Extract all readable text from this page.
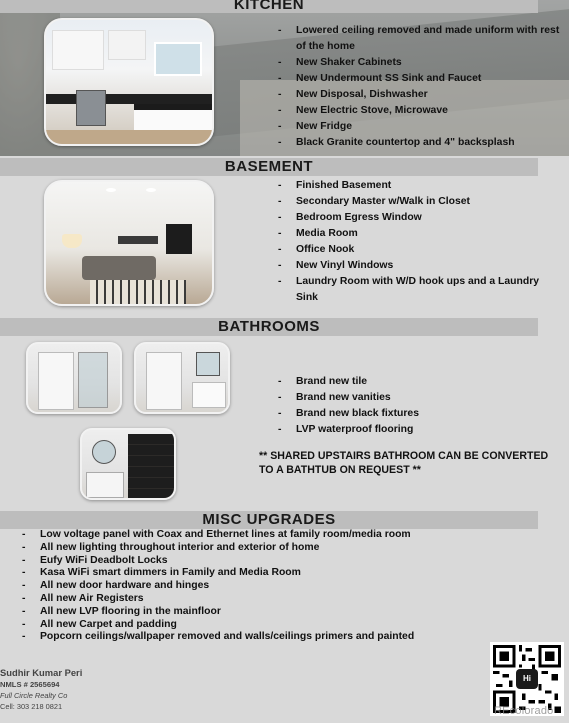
KITCHEN
- Lowered ceiling removed and made uniform with rest of the home
- New Shaker Cabinets
- New Undermount SS Sink and Faucet
- New Disposal, Dishwasher
- New Electric Stove, Microwave
- New Fridge
- Black Granite countertop and 4" backsplash
BASEMENT
- Finished Basement
- Secondary Master w/Walk in Closet
- Bedroom Egress Window
- Media Room
- Office Nook
- New Vinyl Windows
- Laundry Room with W/D hook ups and a Laundry Sink
BATHROOMS
- Brand new tile
- Brand new vanities
- Brand new black fixtures
- LVP waterproof flooring
** SHARED UPSTAIRS BATHROOM CAN BE CONVERTED TO A BATHTUB ON REQUEST **
MISC UPGRADES
- Low voltage panel with Coax and Ethernet lines at family room/media room
- All new lighting throughout interior and exterior of home
- Eufy WiFi Deadbolt Locks
- Kasa WiFi smart dimmers in Family and Media Room
- All new door hardware and hinges
- All new Air Registers
- All new LVP flooring in the mainfloor
- All new Carpet and padding
- Popcorn ceilings/wallpaper removed and walls/ceilings primers and painted
Sudhir Kumar Peri
NMLS # 2565694
Full Circle Realty Co
Cell: 303 218 0821
Hi
REcolorado
